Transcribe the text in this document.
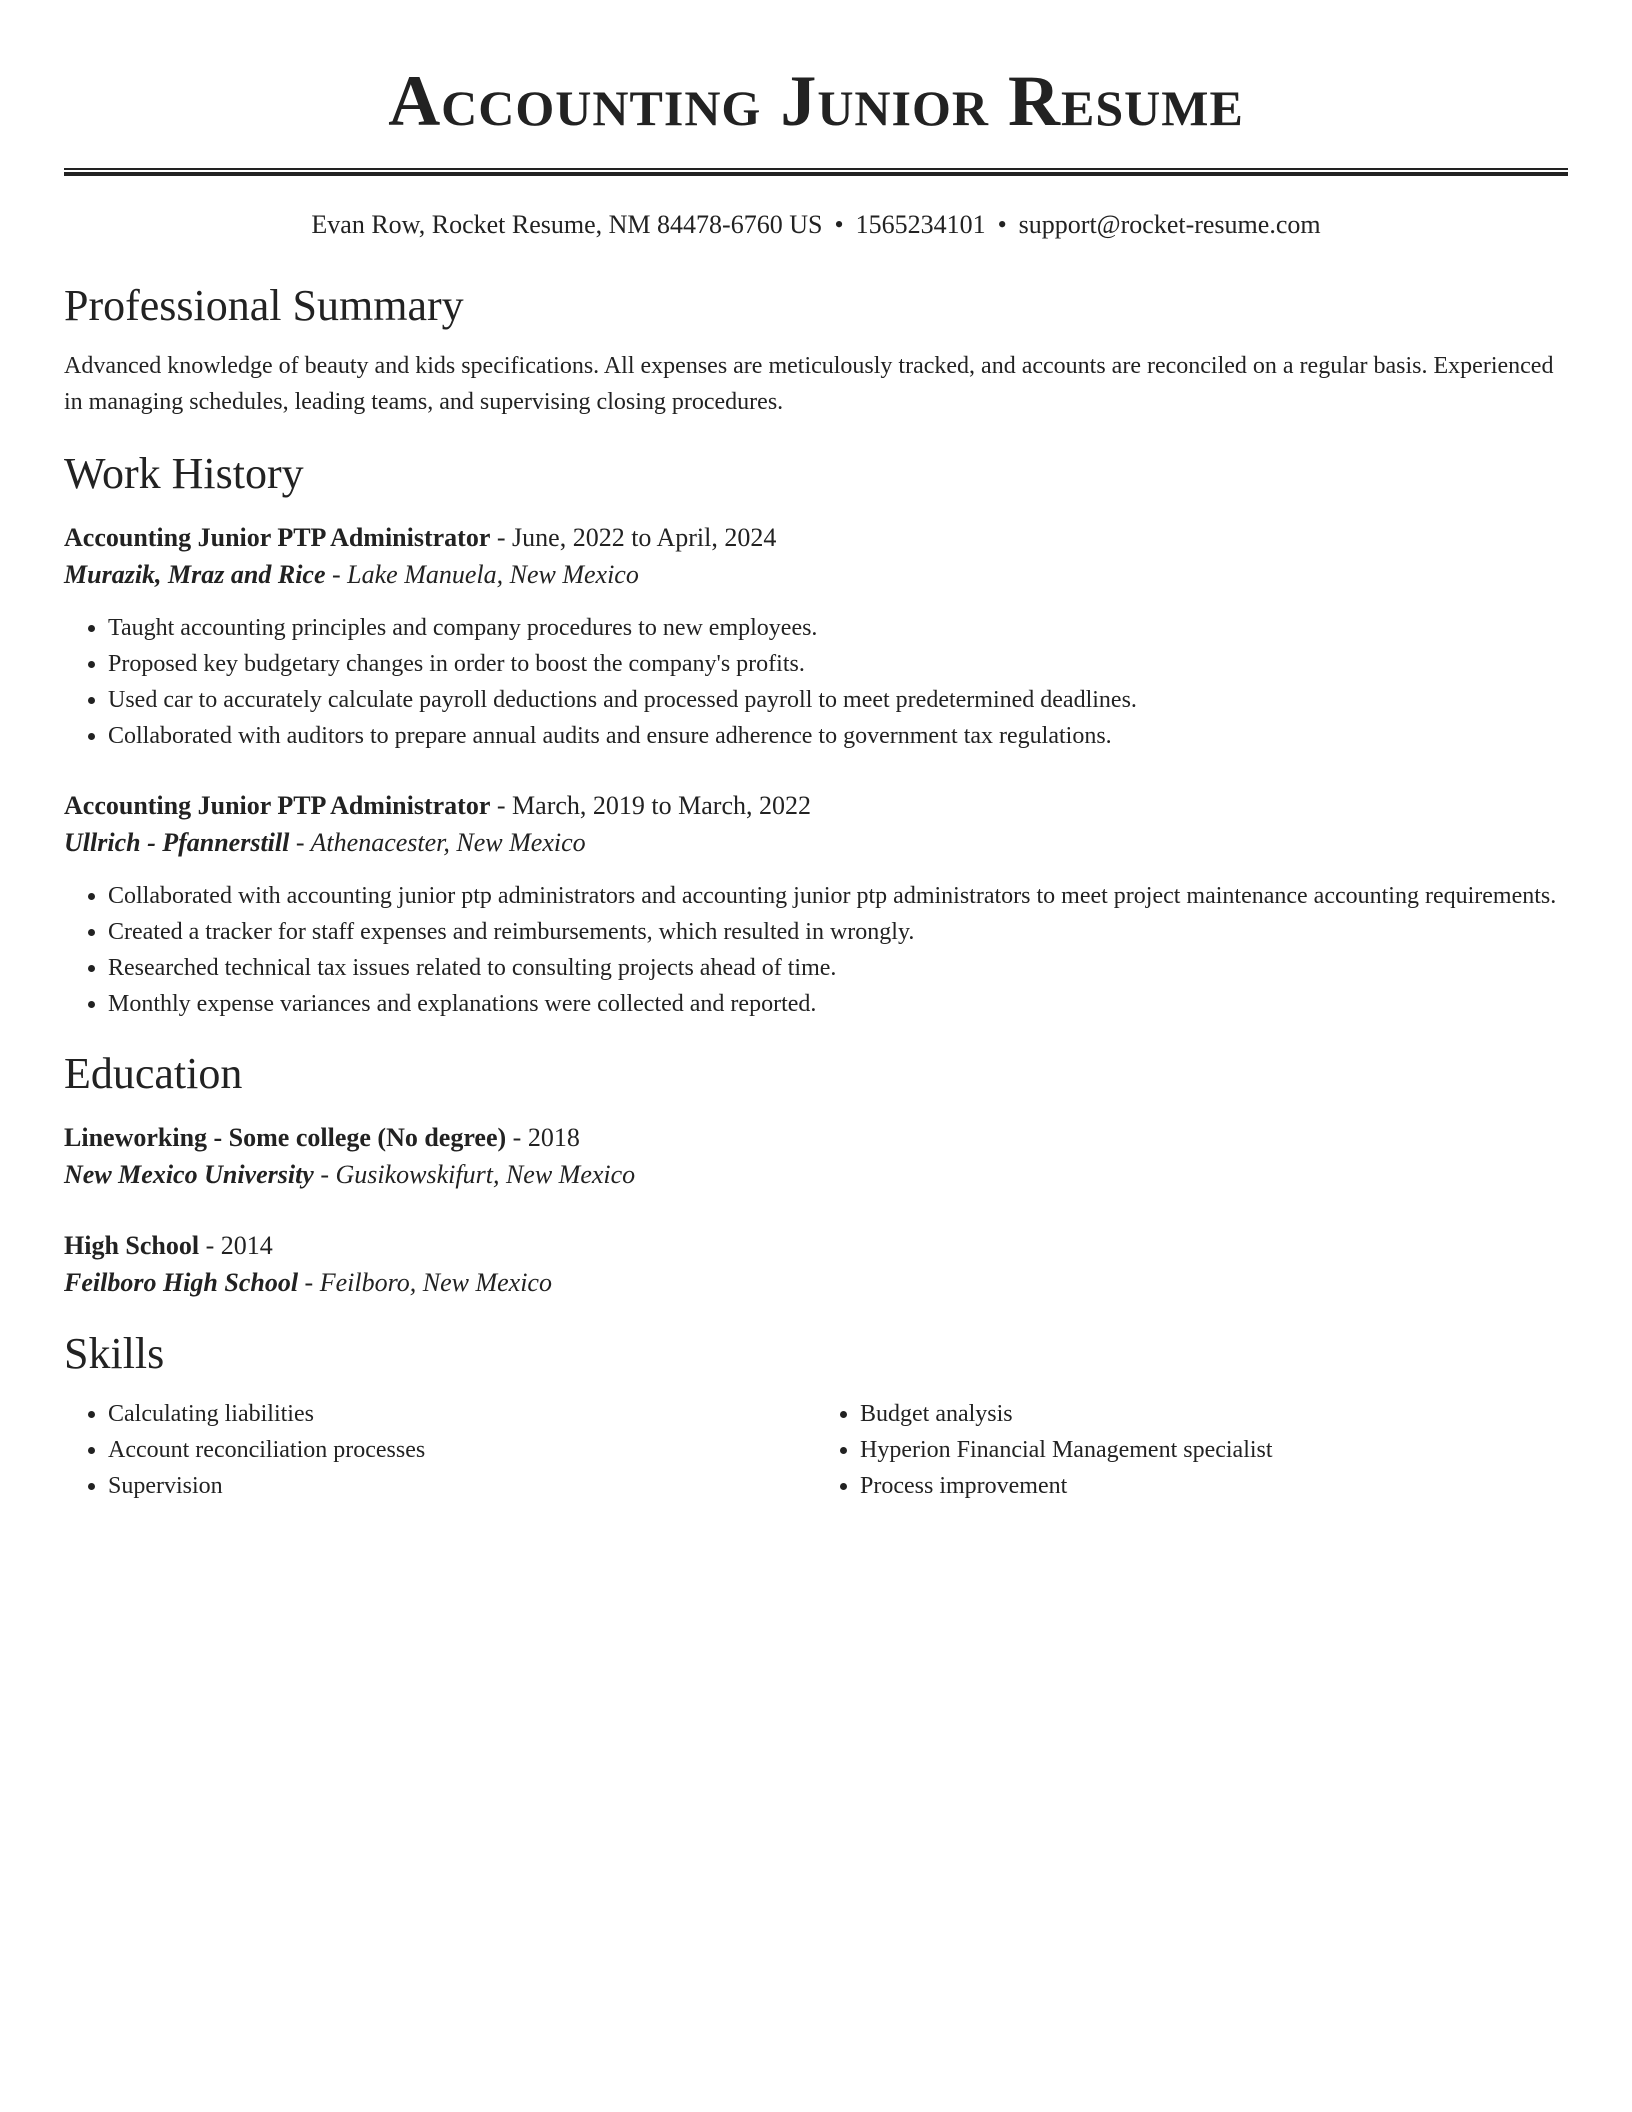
Accounting Junior Resume
Evan Row, Rocket Resume, NM 84478-6760 US • 1565234101 • support@rocket-resume.com
Professional Summary
Advanced knowledge of beauty and kids specifications. All expenses are meticulously tracked, and accounts are reconciled on a regular basis. Experienced in managing schedules, leading teams, and supervising closing procedures.
Work History
Accounting Junior PTP Administrator - June, 2022 to April, 2024
Murazik, Mraz and Rice - Lake Manuela, New Mexico
• Taught accounting principles and company procedures to new employees.
• Proposed key budgetary changes in order to boost the company's profits.
• Used car to accurately calculate payroll deductions and processed payroll to meet predetermined deadlines.
• Collaborated with auditors to prepare annual audits and ensure adherence to government tax regulations.
Accounting Junior PTP Administrator - March, 2019 to March, 2022
Ullrich - Pfannerstill - Athenacester, New Mexico
• Collaborated with accounting junior ptp administrators and accounting junior ptp administrators to meet project maintenance accounting requirements.
• Created a tracker for staff expenses and reimbursements, which resulted in wrongly.
• Researched technical tax issues related to consulting projects ahead of time.
• Monthly expense variances and explanations were collected and reported.
Education
Lineworking - Some college (No degree) - 2018
New Mexico University - Gusikowskifurt, New Mexico
High School - 2014
Feilboro High School - Feilboro, New Mexico
Skills
• Calculating liabilities
• Account reconciliation processes
• Supervision
• Budget analysis
• Hyperion Financial Management specialist
• Process improvement
